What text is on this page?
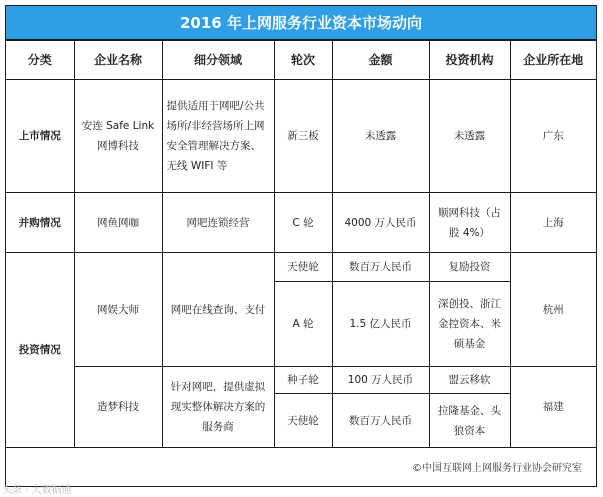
2016 年上网服务行业资本市场动向
分类	企业名称	细分领域	轮次	金额	投资机构	企业所在地
上市情况	安连 Safe Link 网博科技	提供适用于网吧/公共场所/非经营场所上网安全管理解决方案、无线 WIFI 等	新三板	未透露	未透露	广东
并购情况	网鱼网咖	网吧连锁经营	C 轮	4000 万人民币	顺网科技（占股 4%）	上海
投资情况	网娱大师	网吧在线查询、支付	天使轮	数百万人民币	复励投资	杭州
			A 轮	1.5 亿人民币	深创投、浙江金控资本、米硕基金	
	造梦科技	针对网吧，提供虚拟现实整体解决方案的服务商	种子轮	100 万人民币	盟云移软	福建
			天使轮	数百万人民币	拉隆基金、头狼资本	
©中国互联网上网服务行业协会研究室
头条 · 大数据通
